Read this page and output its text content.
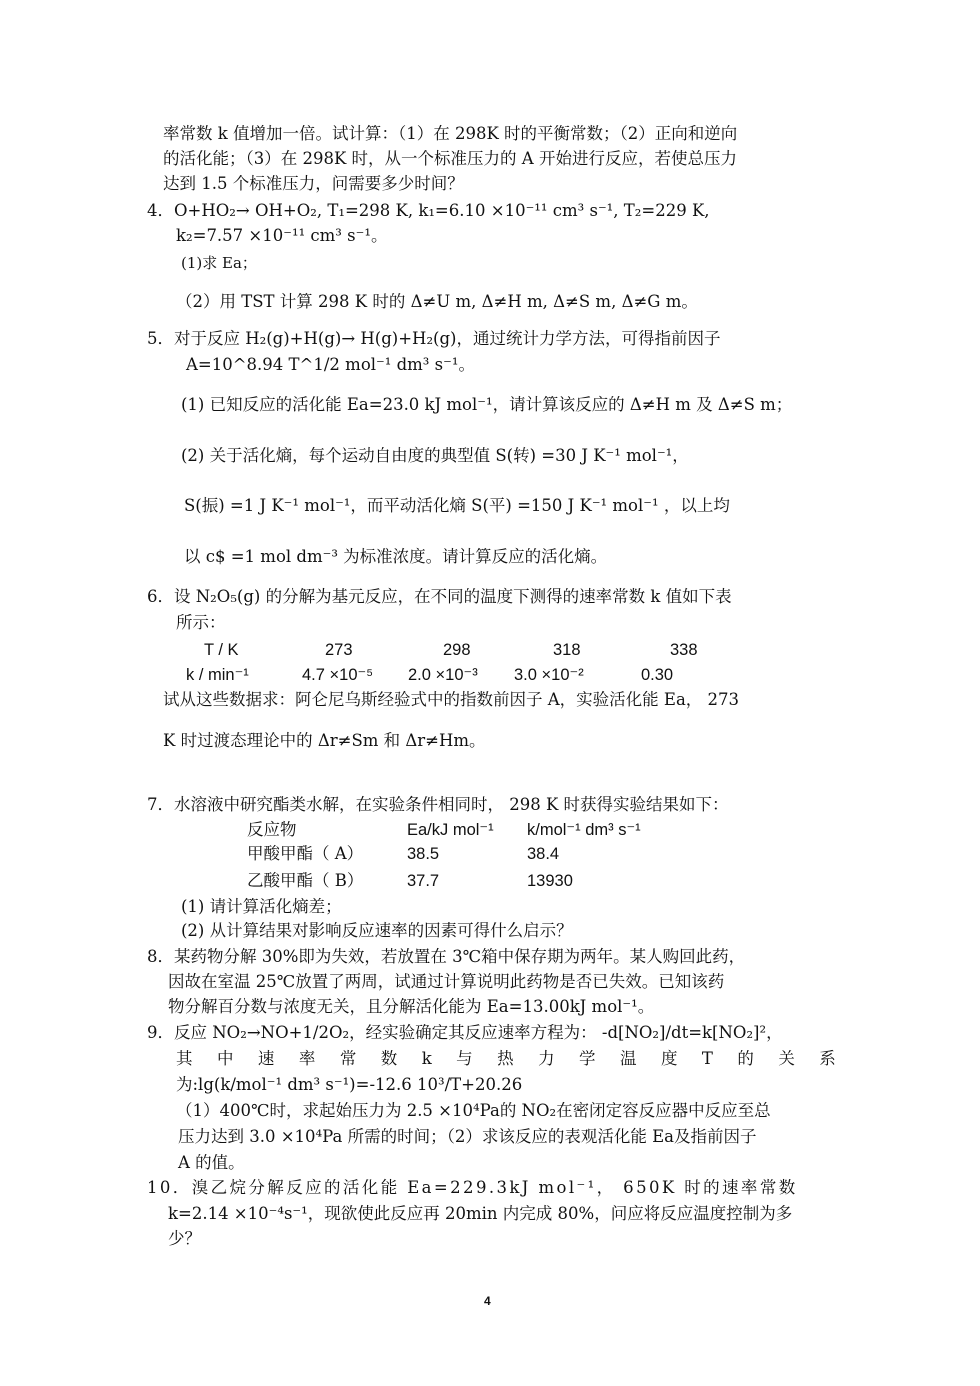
率常数 k 值增加一倍。试计算：（1）在 298K 时的平衡常数；（2）正向和逆向
的活化能；（3）在 298K 时，从一个标准压力的 A 开始进行反应，若使总压力
达到 1.5 个标准压力，问需要多少时间？
4．O+HO₂→ OH+O₂, T₁=298 K, k₁=6.10 ×10⁻¹¹ cm³ s⁻¹, T₂=229 K,
k₂=7.57 ×10⁻¹¹ cm³ s⁻¹。
(1)求 Ea；
（2）用 TST 计算 298 K 时的 Δ≠U m, Δ≠H m, Δ≠S m, Δ≠G m。
5．对于反应 H₂(g)+H(g)→ H(g)+H₂(g)，通过统计力学方法，可得指前因子
A=10^8.94 T^1/2 mol⁻¹ dm³ s⁻¹。
(1) 已知反应的活化能 Ea=23.0 kJ mol⁻¹，请计算该反应的 Δ≠H m 及 Δ≠S m；
(2) 关于活化熵，每个运动自由度的典型值 S(转) =30 J K⁻¹ mol⁻¹，
S(振) =1 J K⁻¹ mol⁻¹，而平动活化熵 S(平) =150 J K⁻¹ mol⁻¹ ，以上均
以 c$ =1 mol dm⁻³ 为标准浓度。请计算反应的活化熵。
6．设 N₂O₅(g) 的分解为基元反应，在不同的温度下测得的速率常数 k 值如下表
所示：
T / K	273	298	318	338
k / min⁻¹	4.7 ×10⁻⁵ 2.0 ×10⁻³ 3.0 ×10⁻²	0.30
试从这些数据求：阿仑尼乌斯经验式中的指数前因子 A，实验活化能 Ea， 273
K 时过渡态理论中的 Δr≠Sm 和 Δr≠Hm。
7．水溶液中研究酯类水解，在实验条件相同时， 298 K 时获得实验结果如下：
反应物	Ea/kJ mol⁻¹ k/mol⁻¹ dm³ s⁻¹
甲酸甲酯（ A）	38.5	38.4
乙酸甲酯（ B）	37.7	13930
(1) 请计算活化熵差；
(2) 从计算结果对影响反应速率的因素可得什么启示？
8．某药物分解 30%即为失效，若放置在 3℃箱中保存期为两年。某人购回此药，
因故在室温 25℃放置了两周，试通过计算说明此药物是否已失效。已知该药
物分解百分数与浓度无关，且分解活化能为 Ea=13.00kJ mol⁻¹。
9．反应 NO₂→NO+1/2O₂，经实验确定其反应速率方程为： -d[NO₂]/dt=k[NO₂]²，
其 中 速 率 常 数 k 与 热 力 学 温 度 T 的 关 系
为:lg(k/mol⁻¹ dm³ s⁻¹)=-12.6 10³/T+20.26
（1）400℃时，求起始压力为 2.5 ×10⁴Pa的 NO₂在密闭定容反应器中反应至总
压力达到 3.0 ×10⁴Pa 所需的时间；（2）求该反应的表观活化能 Ea及指前因子
A 的值。
10．溴乙烷分解反应的活化能 Ea=229.3kJ mol⁻¹， 650K 时的速率常数
k=2.14 ×10⁻⁴s⁻¹，现欲使此反应再 20min 内完成 80%，问应将反应温度控制为多
少？
4
